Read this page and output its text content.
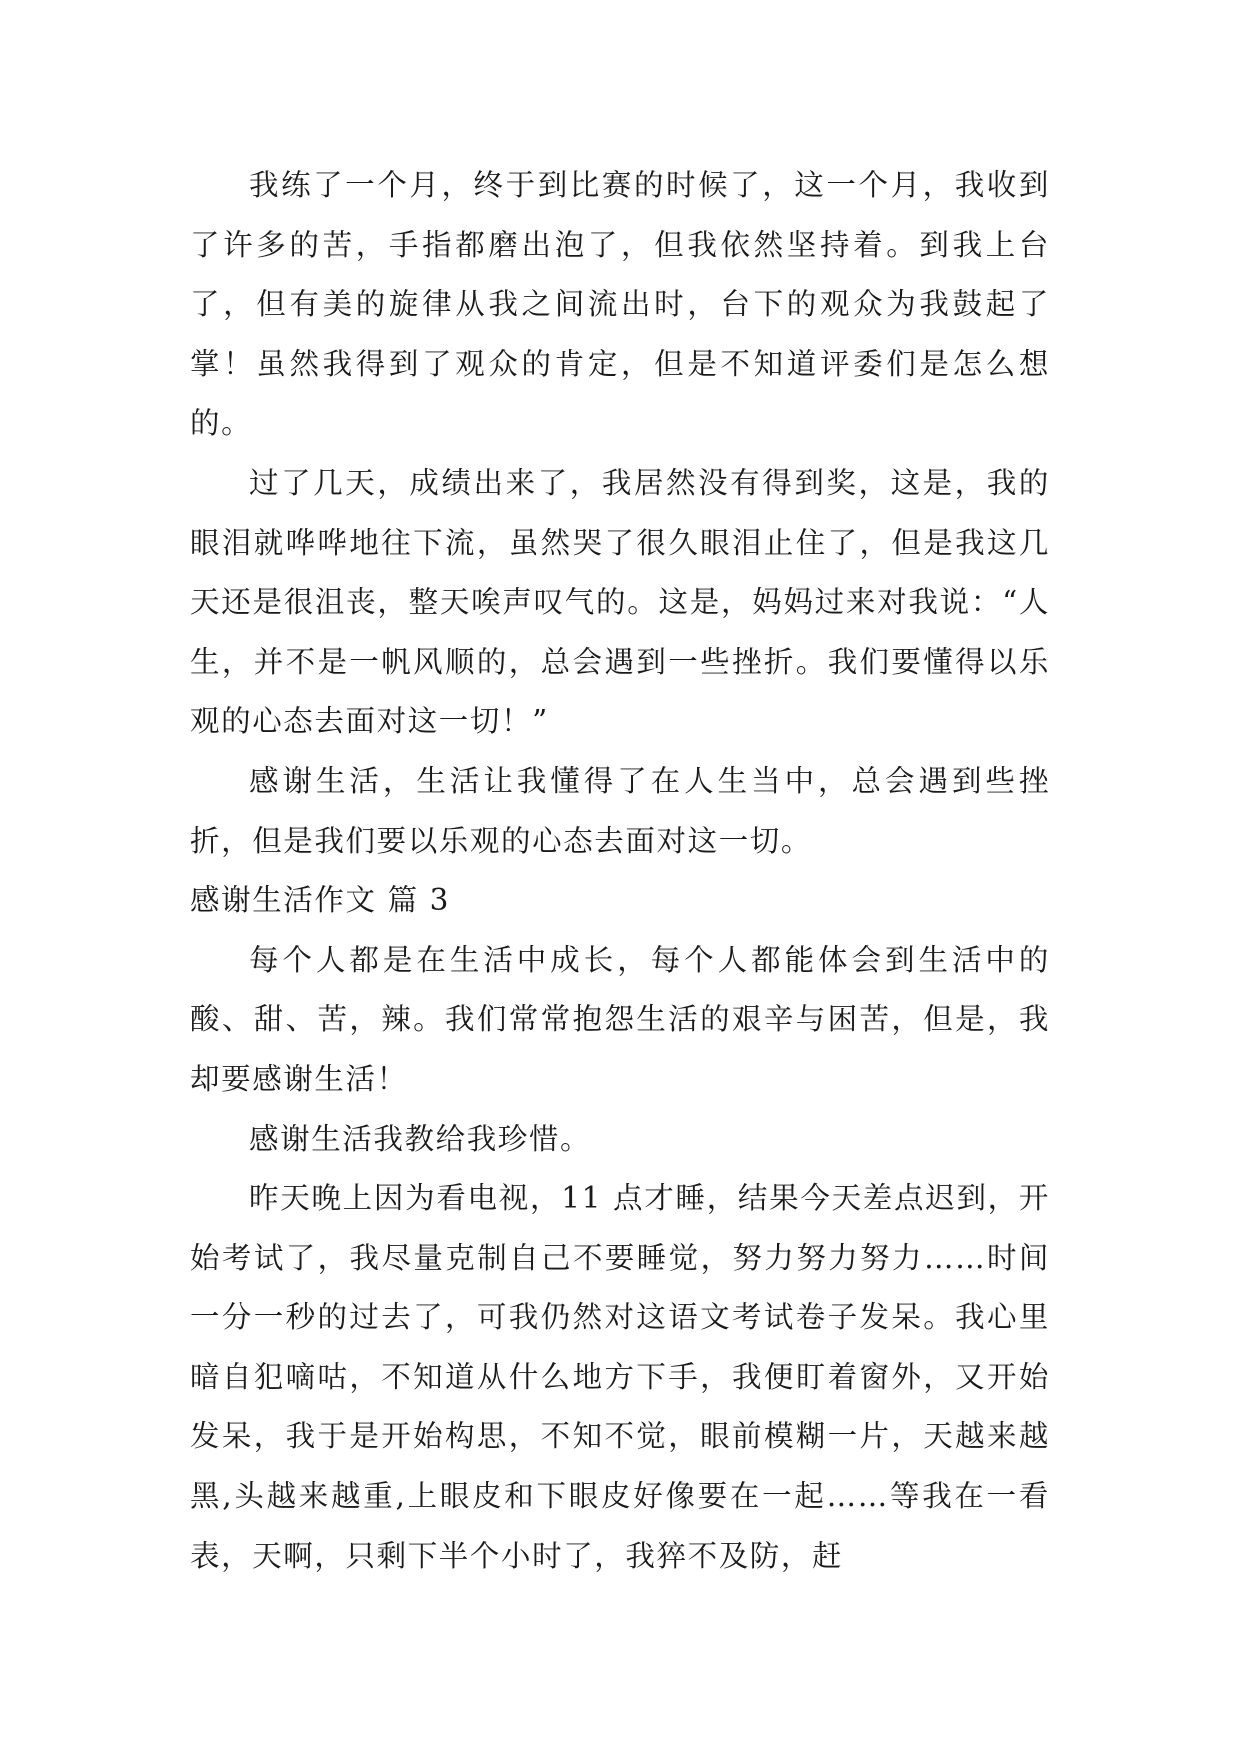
我练了一个月，终于到比赛的时候了，这一个月，我收到了许多的苦，手指都磨出泡了，但我依然坚持着。到我上台了，但有美的旋律从我之间流出时，台下的观众为我鼓起了掌！虽然我得到了观众的肯定，但是不知道评委们是怎么想的。

过了几天，成绩出来了，我居然没有得到奖，这是，我的眼泪就哗哗地往下流，虽然哭了很久眼泪止住了，但是我这几天还是很沮丧，整天唉声叹气的。这是，妈妈过来对我说：“人生，并不是一帆风顺的，总会遇到一些挫折。我们要懂得以乐观的心态去面对这一切！”

感谢生活，生活让我懂得了在人生当中，总会遇到些挫折，但是我们要以乐观的心态去面对这一切。

感谢生活作文 篇 3

每个人都是在生活中成长，每个人都能体会到生活中的酸、甜、苦，辣。我们常常抱怨生活的艰辛与困苦，但是，我却要感谢生活！

感谢生活我教给我珍惜。

昨天晚上因为看电视，11 点才睡，结果今天差点迟到，开始考试了，我尽量克制自己不要睡觉，努力努力努力……时间一分一秒的过去了，可我仍然对这语文考试卷子发呆。我心里暗自犯嘀咕，不知道从什么地方下手，我便盯着窗外，又开始发呆，我于是开始构思，不知不觉，眼前模糊一片，天越来越黑,头越来越重,上眼皮和下眼皮好像要在一起……等我在一看表，天啊，只剩下半个小时了，我猝不及防，赶
